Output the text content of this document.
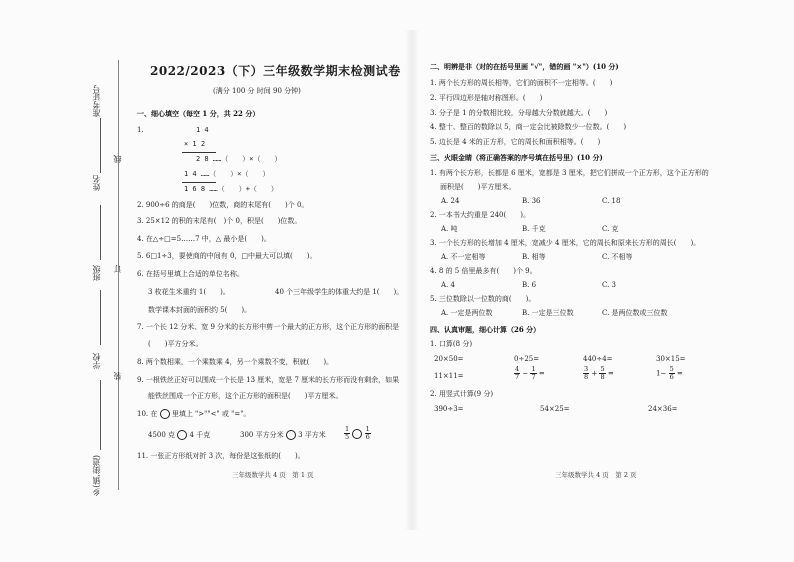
乡(镇,街道)
学校
班级
姓名
准考证号
装
订
线
2022/2023（下）三年级数学期末检测试卷
(满分 100 分 时间 90 分钟)
一、细心填空（每空 1 分，共 22 分）
1.	1 4
× 1 2
2 8 ……（　　）×（　　）
1 4 ……（　　）×（　　）
1 6 8 ……（　　）+（　　）
2. 900÷6 的商是(　　)位数，商的末尾有(　　)个 0。
3. 25×12 的积的末尾有(　)个 0，积是(　　)位数。
4. 在△÷□=5……7 中，△ 最小是(　　)。
5. 6□1÷3，要使商的中间有 0，□中最大可以填(　　)。
6. 在括号里填上合适的单位名称。
3 枚花生米重约 1(　　)。	40 个三年级学生的体重大约是 1(　　)。
数学课本封面的面积约 5(　　)。
7. 一个长 12 分米、宽 9 分米的长方形中剪一个最大的正方形，这个正方形的面积是
(　　)平方分米。
8. 两个数相乘，一个乘数乘 4，另一个乘数不变，积就(　　)。
9. 一根铁丝正好可以围成一个长是 13 厘米，宽是 7 厘米的长方形而没有剩余，如果
能铁丝围成一个正方形，这个正方形的面积是(　　)平方厘米。
10. 在 里填上 ">""<" 或 "="。
4500 克 4 千克	300 平方分米 3 平方米	$\frac{1}{5}$
$\frac{1}{6}$
11. 一张正方形纸对折 3 次，每份是这张纸的(　　)。
三年级数学共 4 页　第 1 页
二、明辨是非（对的在括号里画 "√"，错的画 "×"）(10 分)
1. 两个长方形的周长相等，它们的面积不一定相等。(　　)
2. 平行四边形是轴对称图形。(　　)
3. 分子是 1 的分数相比较，分母越大分数就越大。(　　)
4. 整十、整百的数除以 5，商一定会比被除数少一位数。(　　)
5. 边长是 4 米的正方形，它的周长和面积相等。(　　)
三、火眼金睛（将正确答案的序号填在括号里）(10 分)
1. 有两个长方形，长都是 6 厘米，宽都是 3 厘米，把它们拼成一个正方形，这个正方形的
面积是(　　)平方厘米。
A. 24	B. 36	C. 18
2. 一本书大约重是 240(　　)。
A. 吨	B. 千克	C. 克
3. 一个长方形的长增加 4 厘米，宽减少 4 厘米，它的周长和原来长方形的周长(　　)。
A. 不一定相等	B. 相等	C. 不相等
4. 8 的 5 倍里最多有(　　)个 9。
A. 4	B. 6	C. 3
5. 三位数除以一位数的商(　　)。
A. 一定是两位数	B. 一定是三位数	C. 是两位数或三位数
四、认真审题，细心计算（26 分）
1. 口算(8 分)
20×50=	0÷25=	440÷4=	30×15=
11×11=	$\frac{4}{7} - \frac{1}{7}$ =	$\frac{3}{8} + \frac{5}{8}$ =	$1- \frac{5}{6}$ =
2. 用竖式计算(9 分)
390÷3=	54×25=	24×36=
三年级数学共 4 页　第 2 页
